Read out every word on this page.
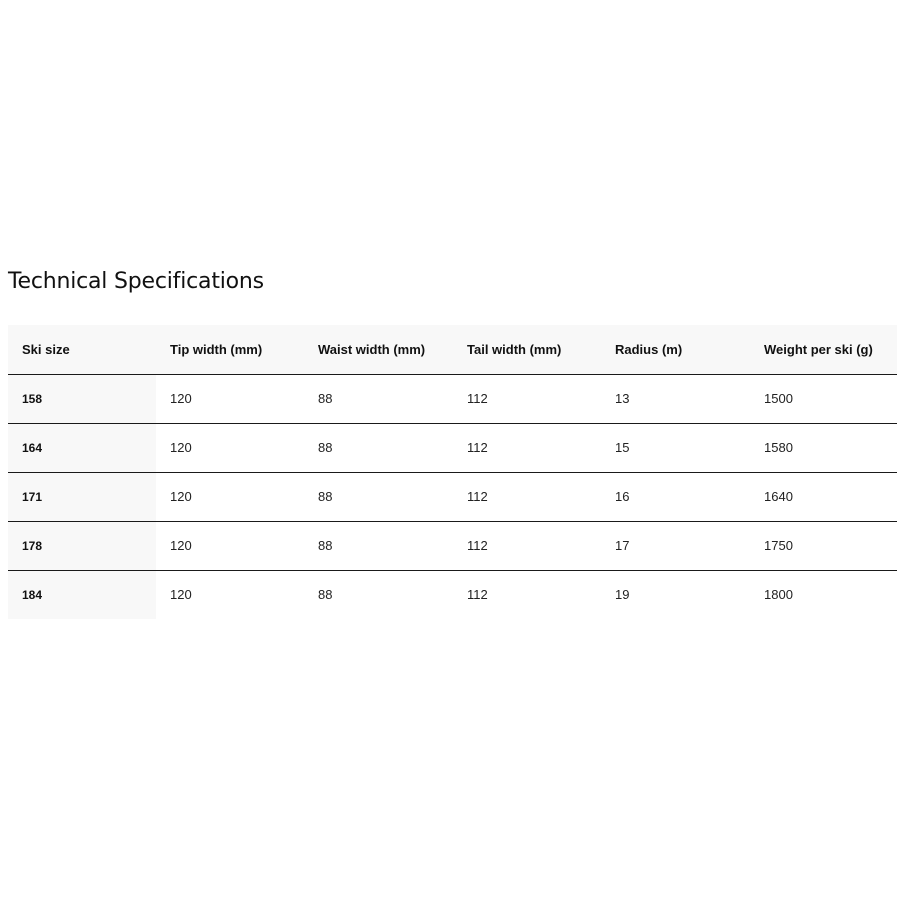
Technical Specifications
Ski size	Tip width (mm)	Waist width (mm)	Tail width (mm)	Radius (m)	Weight per ski (g)
158	120	88	112	13	1500
164	120	88	112	15	1580
171	120	88	112	16	1640
178	120	88	112	17	1750
184	120	88	112	19	1800
